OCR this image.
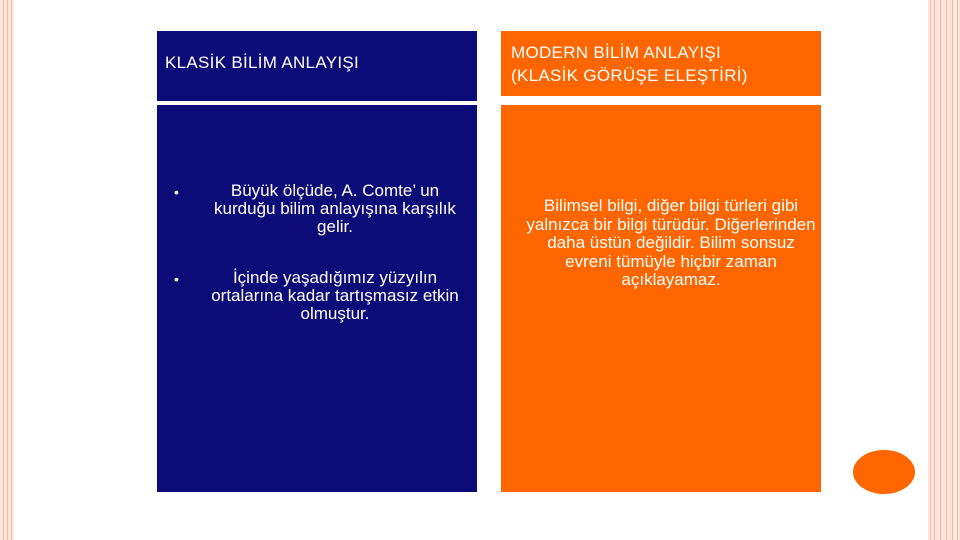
KLASİK BİLİM ANLAYIŞI
MODERN BİLİM ANLAYIŞI
(KLASİK GÖRÜŞE ELEŞTİRİ)
•	Büyük ölçüde, A. Comte’ un kurduğu bilim anlayışına karşılık gelir.
•	İçinde yaşadığımız yüzyılın ortalarına kadar tartışmasız etkin olmuştur.
Bilimsel bilgi, diğer bilgi türleri gibi yalnızca bir bilgi türüdür. Diğerlerinden daha üstün değildir. Bilim sonsuz evreni tümüyle hiçbir zaman açıklayamaz.
